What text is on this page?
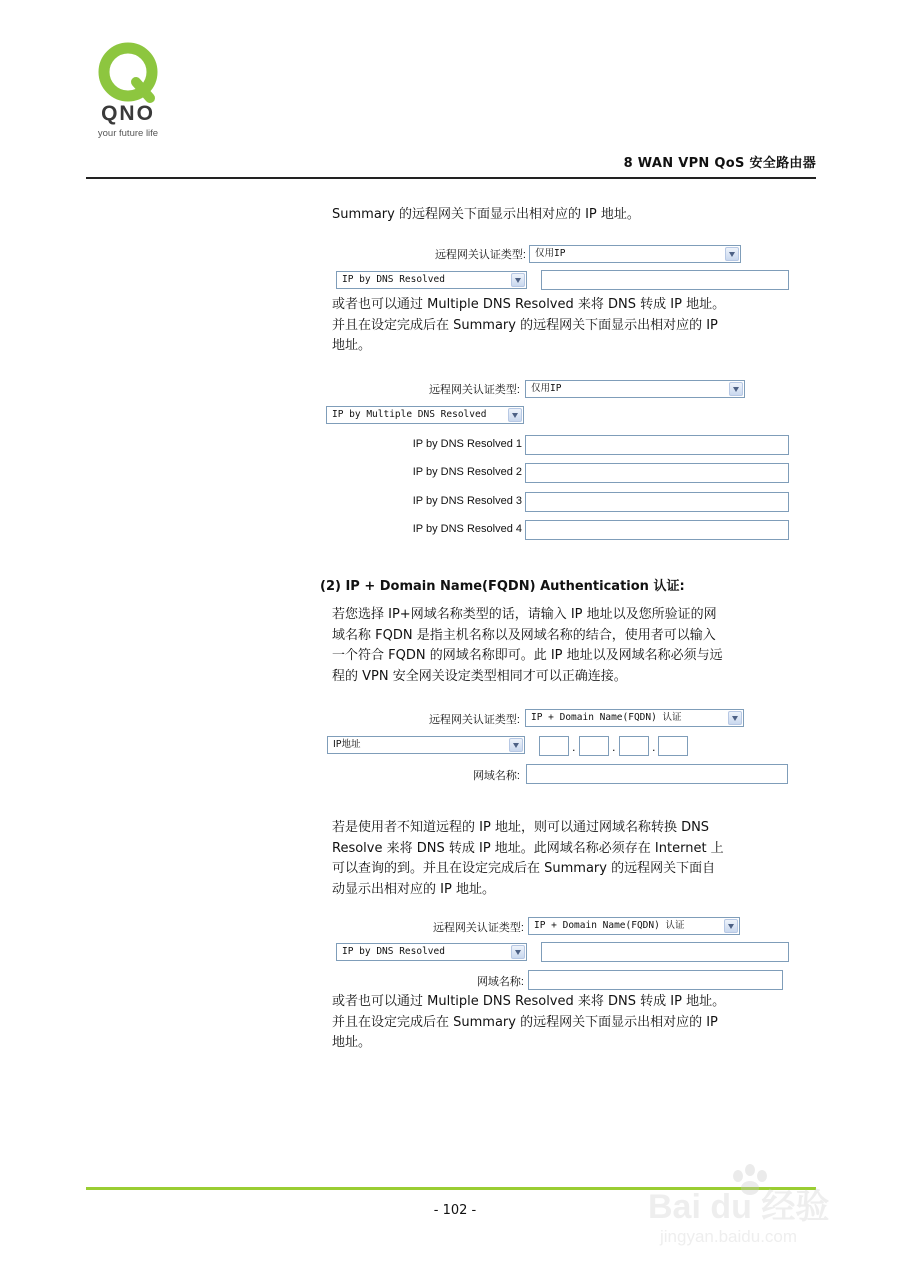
QNO
your future life
8 WAN VPN QoS 安全路由器
Summary 的远程网关下面显示出相对应的 IP 地址。
远程网关认证类型: 仅用IP
IP by DNS Resolved
或者也可以通过 Multiple DNS Resolved 来将 DNS 转成 IP 地址。
并且在设定完成后在 Summary 的远程网关下面显示出相对应的 IP
地址。
远程网关认证类型:	仅用IP
IP by Multiple DNS Resolved
IP by DNS Resolved 1
IP by DNS Resolved 2
IP by DNS Resolved 3
IP by DNS Resolved 4
(2) IP + Domain Name(FQDN) Authentication 认证:
若您选择 IP+网域名称类型的话，请输入 IP 地址以及您所验证的网
域名称 FQDN 是指主机名称以及网域名称的结合，使用者可以输入
一个符合 FQDN 的网域名称即可。此 IP 地址以及网域名称必须与远
程的 VPN 安全网关设定类型相同才可以正确连接。
远程网关认证类型:	IP + Domain Name(FQDN) 认证
IP地址	.	.	.
网域名称:
若是使用者不知道远程的 IP 地址，则可以通过网域名称转换 DNS
Resolve 来将 DNS 转成 IP 地址。此网域名称必须存在 Internet 上
可以查询的到。并且在设定完成后在 Summary 的远程网关下面自
动显示出相对应的 IP 地址。
远程网关认证类型:	IP + Domain Name(FQDN) 认证
IP by DNS Resolved
网域名称:
或者也可以通过 Multiple DNS Resolved 来将 DNS 转成 IP 地址。
并且在设定完成后在 Summary 的远程网关下面显示出相对应的 IP
地址。
- 102 -	Bai du 经验
jingyan.baidu.com
